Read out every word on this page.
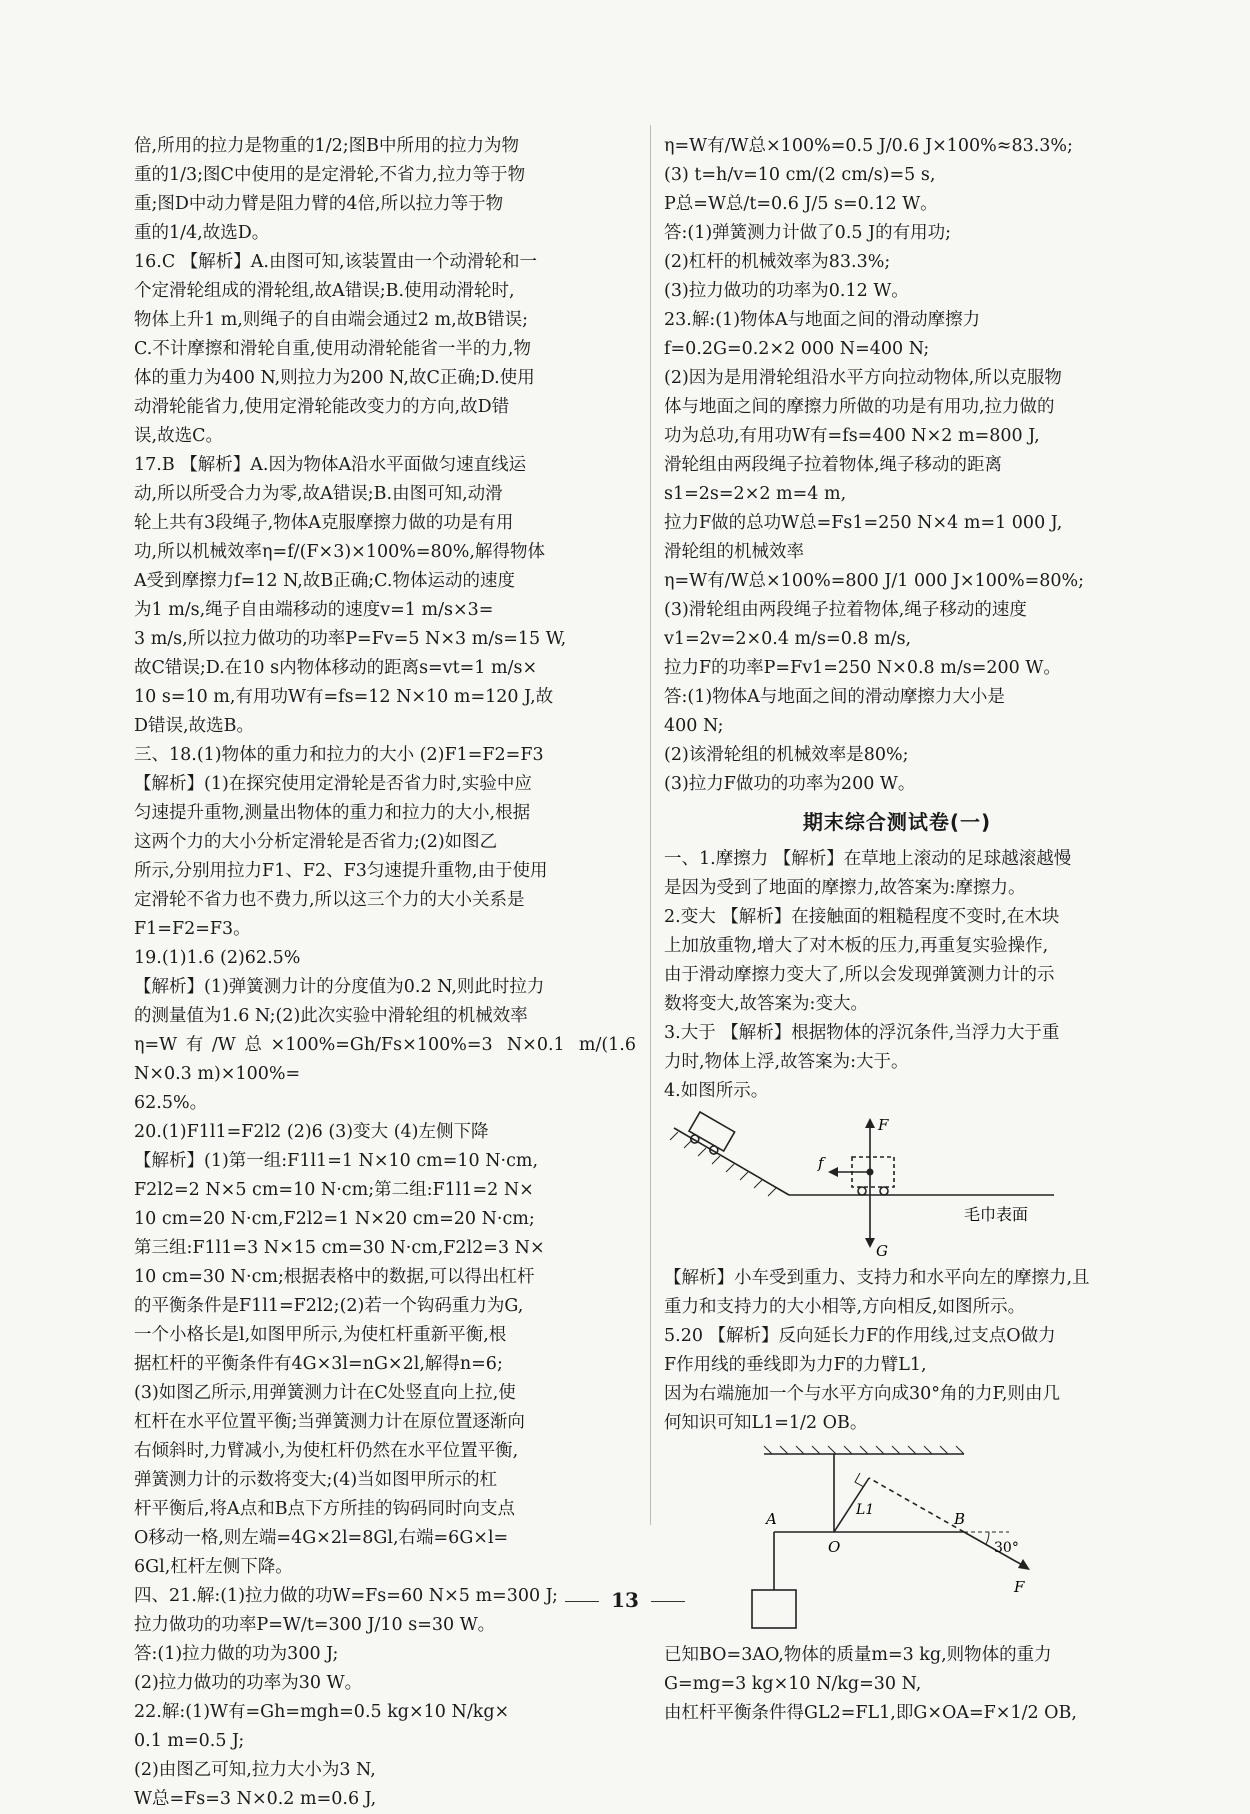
倍,所用的拉力是物重的1/2;图B中所用的拉力为物

重的1/3;图C中使用的是定滑轮,不省力,拉力等于物

重;图D中动力臂是阻力臂的4倍,所以拉力等于物

重的1/4,故选D。

16.C 【解析】A.由图可知,该装置由一个动滑轮和一

个定滑轮组成的滑轮组,故A错误;B.使用动滑轮时,

物体上升1 m,则绳子的自由端会通过2 m,故B错误;

C.不计摩擦和滑轮自重,使用动滑轮能省一半的力,物

体的重力为400 N,则拉力为200 N,故C正确;D.使用

动滑轮能省力,使用定滑轮能改变力的方向,故D错

误,故选C。

17.B 【解析】A.因为物体A沿水平面做匀速直线运

动,所以所受合力为零,故A错误;B.由图可知,动滑

轮上共有3段绳子,物体A克服摩擦力做的功是有用

功,所以机械效率η=f/(F×3)×100%=80%,解得物体

A受到摩擦力f=12 N,故B正确;C.物体运动的速度

为1 m/s,绳子自由端移动的速度v=1 m/s×3=

3 m/s,所以拉力做功的功率P=Fv=5 N×3 m/s=15 W,

故C错误;D.在10 s内物体移动的距离s=vt=1 m/s×

10 s=10 m,有用功W有=fs=12 N×10 m=120 J,故

D错误,故选B。

三、18.(1)物体的重力和拉力的大小 (2)F1=F2=F3

【解析】(1)在探究使用定滑轮是否省力时,实验中应

匀速提升重物,测量出物体的重力和拉力的大小,根据

这两个力的大小分析定滑轮是否省力;(2)如图乙

所示,分别用拉力F1、F2、F3匀速提升重物,由于使用

定滑轮不省力也不费力,所以这三个力的大小关系是

F1=F2=F3。

19.(1)1.6 (2)62.5%

【解析】(1)弹簧测力计的分度值为0.2 N,则此时拉力

的测量值为1.6 N;(2)此次实验中滑轮组的机械效率

η=W有/W总×100%=Gh/Fs×100%=3 N×0.1 m/(1.6 N×0.3 m)×100%=

62.5%。

20.(1)F1l1=F2l2 (2)6 (3)变大 (4)左侧下降

【解析】(1)第一组:F1l1=1 N×10 cm=10 N·cm,

F2l2=2 N×5 cm=10 N·cm;第二组:F1l1=2 N×

10 cm=20 N·cm,F2l2=1 N×20 cm=20 N·cm;

第三组:F1l1=3 N×15 cm=30 N·cm,F2l2=3 N×

10 cm=30 N·cm;根据表格中的数据,可以得出杠杆

的平衡条件是F1l1=F2l2;(2)若一个钩码重力为G,

一个小格长是l,如图甲所示,为使杠杆重新平衡,根

据杠杆的平衡条件有4G×3l=nG×2l,解得n=6;

(3)如图乙所示,用弹簧测力计在C处竖直向上拉,使

杠杆在水平位置平衡;当弹簧测力计在原位置逐渐向

右倾斜时,力臂减小,为使杠杆仍然在水平位置平衡,

弹簧测力计的示数将变大;(4)当如图甲所示的杠

杆平衡后,将A点和B点下方所挂的钩码同时向支点

O移动一格,则左端=4G×2l=8Gl,右端=6G×l=

6Gl,杠杆左侧下降。

四、21.解:(1)拉力做的功W=Fs=60 N×5 m=300 J;

拉力做功的功率P=W/t=300 J/10 s=30 W。

答:(1)拉力做的功为300 J;

(2)拉力做功的功率为30 W。

22.解:(1)W有=Gh=mgh=0.5 kg×10 N/kg×

0.1 m=0.5 J;

(2)由图乙可知,拉力大小为3 N,

W总=Fs=3 N×0.2 m=0.6 J,

η=W有/W总×100%=0.5 J/0.6 J×100%≈83.3%;

(3) t=h/v=10 cm/(2 cm/s)=5 s,

P总=W总/t=0.6 J/5 s=0.12 W。

答:(1)弹簧测力计做了0.5 J的有用功;

(2)杠杆的机械效率为83.3%;

(3)拉力做功的功率为0.12 W。

23.解:(1)物体A与地面之间的滑动摩擦力

f=0.2G=0.2×2 000 N=400 N;

(2)因为是用滑轮组沿水平方向拉动物体,所以克服物

体与地面之间的摩擦力所做的功是有用功,拉力做的

功为总功,有用功W有=fs=400 N×2 m=800 J,

滑轮组由两段绳子拉着物体,绳子移动的距离

s1=2s=2×2 m=4 m,

拉力F做的总功W总=Fs1=250 N×4 m=1 000 J,

滑轮组的机械效率

η=W有/W总×100%=800 J/1 000 J×100%=80%;

(3)滑轮组由两段绳子拉着物体,绳子移动的速度

v1=2v=2×0.4 m/s=0.8 m/s,

拉力F的功率P=Fv1=250 N×0.8 m/s=200 W。

答:(1)物体A与地面之间的滑动摩擦力大小是

400 N;

(2)该滑轮组的机械效率是80%;

(3)拉力F做功的功率为200 W。

期末综合测试卷(一)

一、1.摩擦力 【解析】在草地上滚动的足球越滚越慢

是因为受到了地面的摩擦力,故答案为:摩擦力。

2.变大 【解析】在接触面的粗糙程度不变时,在木块

上加放重物,增大了对木板的压力,再重复实验操作,

由于滑动摩擦力变大了,所以会发现弹簧测力计的示

数将变大,故答案为:变大。

3.大于 【解析】根据物体的浮沉条件,当浮力大于重

力时,物体上浮,故答案为:大于。

4.如图所示。

F
f
G
毛巾表面

【解析】小车受到重力、支持力和水平向左的摩擦力,且

重力和支持力的大小相等,方向相反,如图所示。

5.20 【解析】反向延长力F的作用线,过支点O做力

F作用线的垂线即为力F的力臂L1,

因为右端施加一个与水平方向成30°角的力F,则由几

何知识可知L1=1/2 OB。

A
O
B
L1
30°
F

已知BO=3AO,物体的质量m=3 kg,则物体的重力

G=mg=3 kg×10 N/kg=30 N,

由杠杆平衡条件得GL2=FL1,即G×OA=F×1/2 OB,

13
